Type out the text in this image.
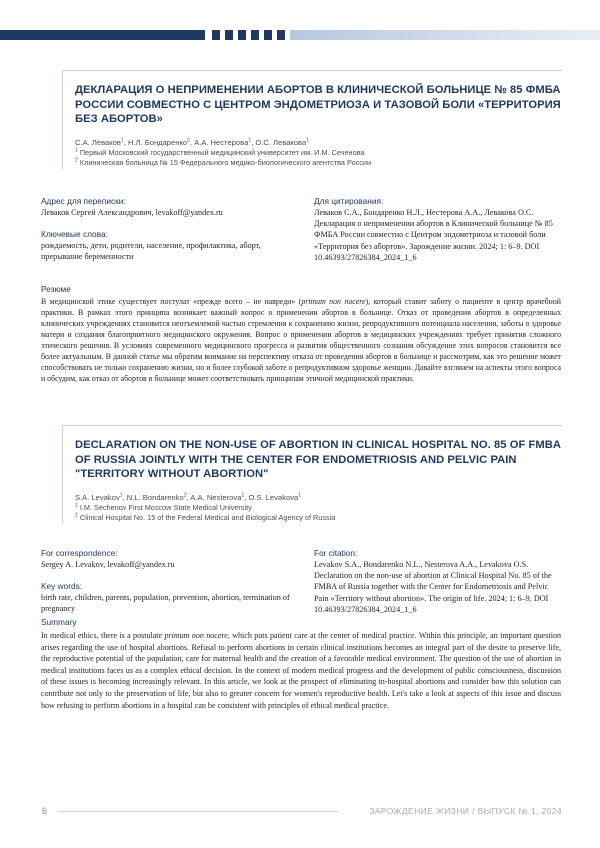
ДЕКЛАРАЦИЯ О НЕПРИМЕНЕНИИ АБОРТОВ В КЛИНИЧЕСКОЙ БОЛЬНИЦЕ № 85 ФМБА РОССИИ СОВМЕСТНО С ЦЕНТРОМ ЭНДОМЕТРИОЗА И ТАЗОВОЙ БОЛИ «ТЕРРИТОРИЯ БЕЗ АБОРТОВ»
С.А. Леваков$^1$, Н.Л. Бондаренко$^2$, А.А. Нестерова$^1$, О.С. Левакова$^1$
$^1$ Первый Московский государственный медицинский университет им. И.М. Сеченова
$^2$ Клиническая больница № 15 Федерального медико-биологического агентства России
Адрес для переписки:
Леваков Сергей Александрович, levakoff@yandex.ru
Ключевые слова:
рождаемость, дети, родители, население, профилактика, аборт, прерывание беременности
Для цитирования:
Леваков С.А., Бондаренко Н.Л., Нестерова А.А., Левакова О.С. Декларация о неприменении абортов в Клинической больнице № 85 ФМБА России совместно с Центром эндометриоза и тазовой боли «Территория без абортов». Зарождение жизни. 2024; 1: 6–9. DOI 10.46393/27826384_2024_1_6
Резюме
В медицинской этике существует постулат «прежде всего – не навреди» (primum non nocere), который ставит заботу о пациенте в центр врачебной практики. В рамках этого принципа возникает важный вопрос о применении абортов в больнице. Отказ от проведения абортов в определенных клинических учреждениях становится неотъемлемой частью стремления к сохранению жизни, репродуктивного потенциала населения, заботы о здоровье матери и создания благоприятного медицинского окружения. Вопрос о применении абортов в медицинских учреждениях требует принятия сложного этического решения. В условиях современного медицинского прогресса и развития общественного сознания обсуждение этих вопросов становится все более актуальным. В данной статье мы обратим внимание на перспективу отказа от проведения абортов в больнице и рассмотрим, как это решение может способствовать не только сохранению жизни, но и более глубокой заботе о репродуктивном здоровье женщин. Давайте взглянем на аспекты этого вопроса и обсудим, как отказ от абортов в больнице может соответствовать принципам этичной медицинской практики.
DECLARATION ON THE NON-USE OF ABORTION IN CLINICAL HOSPITAL NO. 85 OF FMBA OF RUSSIA JOINTLY WITH THE CENTER FOR ENDOMETRIOSIS AND PELVIC PAIN "TERRITORY WITHOUT ABORTION"
S.A. Levakov$^1$, N.L. Bondarenko$^2$, A.A. Nesterova$^1$, O.S. Levakova$^1$
$^1$ I.M. Sechenov First Moscow State Medical University
$^2$ Clinical Hospital No. 15 of the Federal Medical and Biological Agency of Russia
For correspondence:
Sergey A. Levakov, levakoff@yandex.ru
Key words:
birth rate, children, parents, population, prevention, abortion, termination of pregnancy
For citation:
Levakov S.A., Bondarenko N.L., Nesterova A.A., Levakova O.S. Declaration on the non-use of abortion at Clinical Hospital No. 85 of the FMBA of Russia together with the Center for Endometriosis and Pelvic Pain «Territory without abortion». The origin of life. 2024; 1: 6–9. DOI 10.46393/27826384_2024_1_6
Summary
In medical ethics, there is a postulate primum non nocere, which puts patient care at the center of medical practice. Within this principle, an important question arises regarding the use of hospital abortions. Refusal to perform abortions in certain clinical institutions becomes an integral part of the desire to preserve life, the reproductive potential of the population, care for maternal health and the creation of a favorable medical environment. The question of the use of abortion in medical institutions faces us as a complex ethical decision. In the context of modern medical progress and the development of public consciousness, discussion of these issues is becoming increasingly relevant. In this article, we look at the prospect of eliminating in-hospital abortions and consider how this solution can contribute not only to the preservation of life, but also to greater concern for women's reproductive health. Let's take a look at aspects of this issue and discuss how refusing to perform abortions in a hospital can be consistent with principles of ethical medical practice.
6	ЗАРОЖДЕНИЕ ЖИЗНИ / ВЫПУСК № 1, 2024
